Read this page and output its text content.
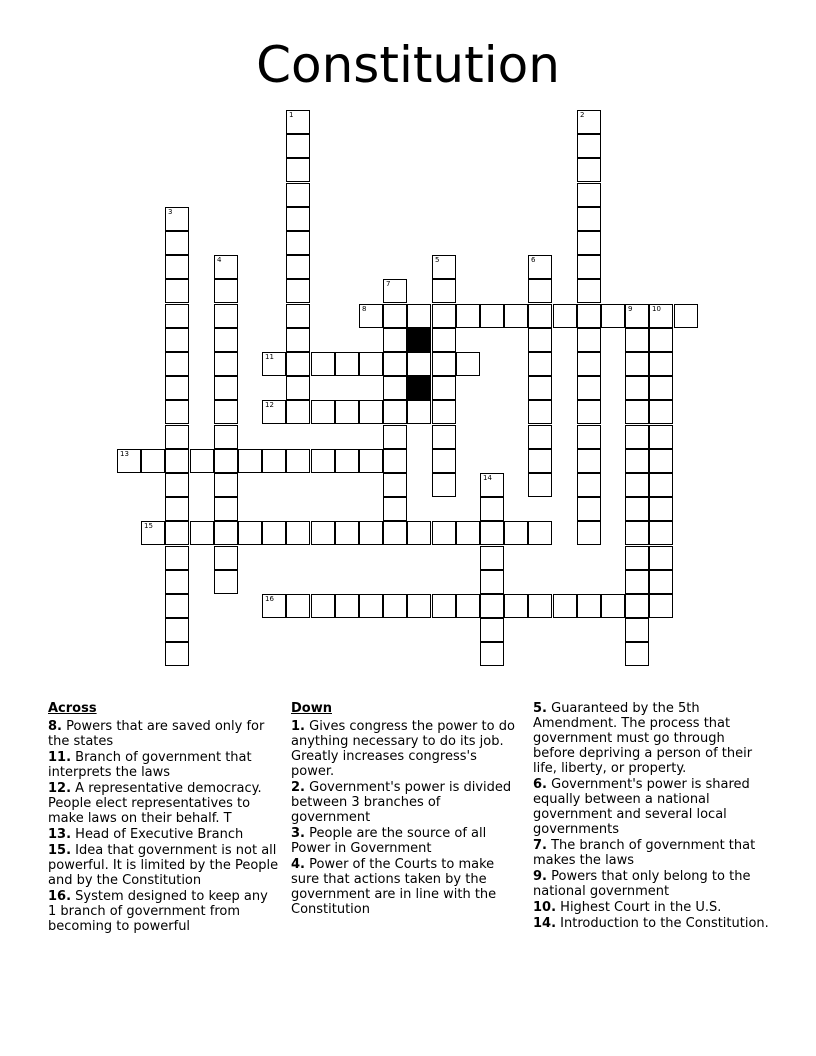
Constitution
1	2
3
4	5	6
7
8	9	10
11
12
13
14
15
16
Across
8. Powers that are saved only for the states
11. Branch of government that interprets the laws
12. A representative democracy. People elect representatives to make laws on their behalf. T
13. Head of Executive Branch
15. Idea that government is not all powerful. It is limited by the People and by the Constitution
16. System designed to keep any 1 branch of government from becoming to powerful
Down
1. Gives congress the power to do anything necessary to do its job. Greatly increases congress's power.
2. Government's power is divided between 3 branches of government
3. People are the source of all Power in Government
4. Power of the Courts to make sure that actions taken by the government are in line with the Constitution
5. Guaranteed by the 5th Amendment. The process that government must go through before depriving a person of their life, liberty, or property.
6. Government's power is shared equally between a national government and several local governments
7. The branch of government that makes the laws
9. Powers that only belong to the national government
10. Highest Court in the U.S.
14. Introduction to the Constitution.
